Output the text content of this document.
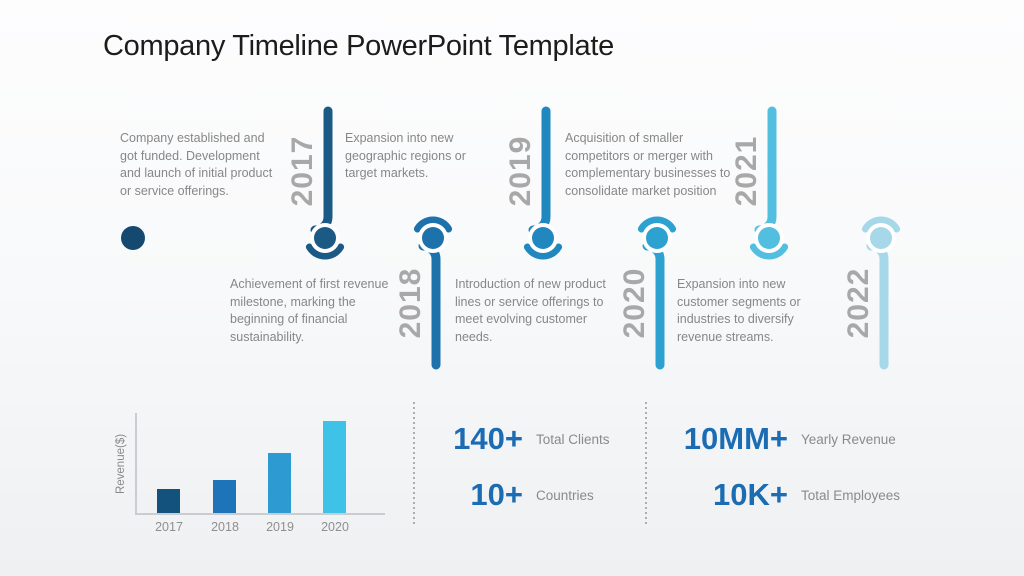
Company Timeline PowerPoint Template
Company established and got funded. Development and launch of initial product or service offerings.
Expansion into new geographic regions or target markets.
Acquisition of smaller competitors or merger with complementary businesses to consolidate market position
Achievement of first revenue milestone, marking the beginning of financial sustainability.
Introduction of new product lines or service offerings to meet evolving customer needs.
Expansion into new customer segments or industries to diversify revenue streams.
2017
2018
2019
2020
2021
2022
Revenue($)
2017	2018	2019	2020
140+ Total Clients
10+ Countries
10MM+ Yearly Revenue
10K+ Total Employees
